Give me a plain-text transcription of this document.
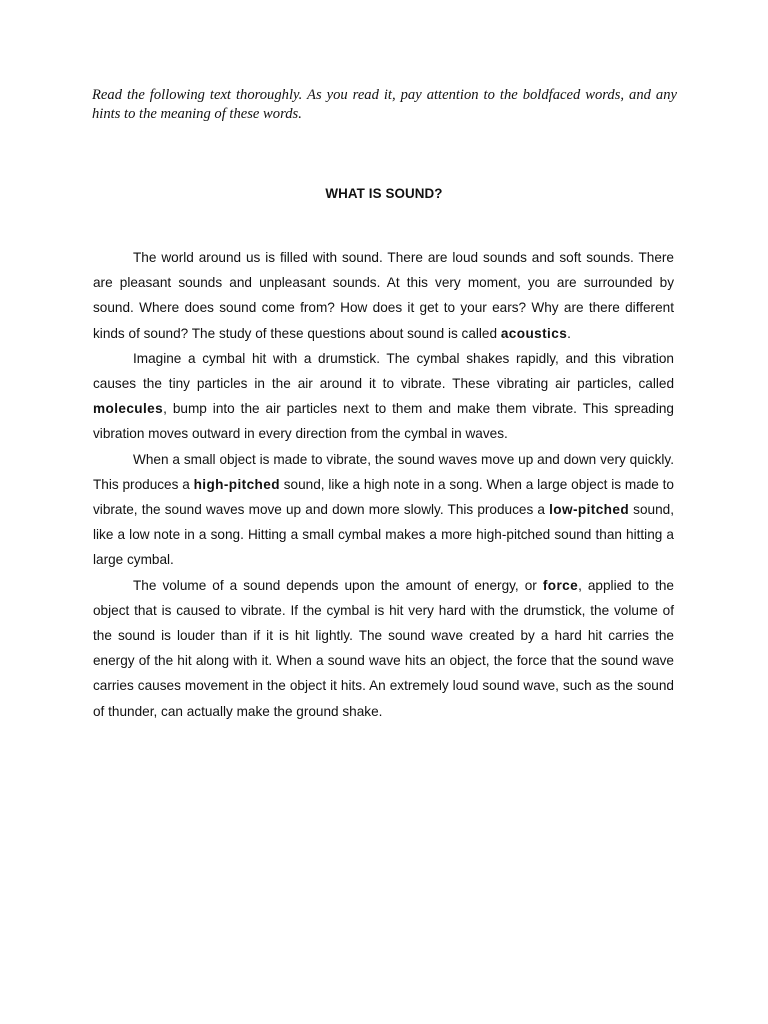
Read the following text thoroughly. As you read it, pay attention to the boldfaced words, and any hints to the meaning of these words.

WHAT IS SOUND?

The world around us is filled with sound. There are loud sounds and soft sounds. There are pleasant sounds and unpleasant sounds. At this very moment, you are surrounded by sound. Where does sound come from? How does it get to your ears? Why are there different kinds of sound? The study of these questions about sound is called acoustics.

Imagine a cymbal hit with a drumstick. The cymbal shakes rapidly, and this vibration causes the tiny particles in the air around it to vibrate. These vibrating air particles, called molecules, bump into the air particles next to them and make them vibrate. This spreading vibration moves outward in every direction from the cymbal in waves.

When a small object is made to vibrate, the sound waves move up and down very quickly. This produces a high-pitched sound, like a high note in a song. When a large object is made to vibrate, the sound waves move up and down more slowly. This produces a low-pitched sound, like a low note in a song. Hitting a small cymbal makes a more high-pitched sound than hitting a large cymbal.

The volume of a sound depends upon the amount of energy, or force, applied to the object that is caused to vibrate. If the cymbal is hit very hard with the drumstick, the volume of the sound is louder than if it is hit lightly. The sound wave created by a hard hit carries the energy of the hit along with it. When a sound wave hits an object, the force that the sound wave carries causes movement in the object it hits. An extremely loud sound wave, such as the sound of thunder, can actually make the ground shake.
